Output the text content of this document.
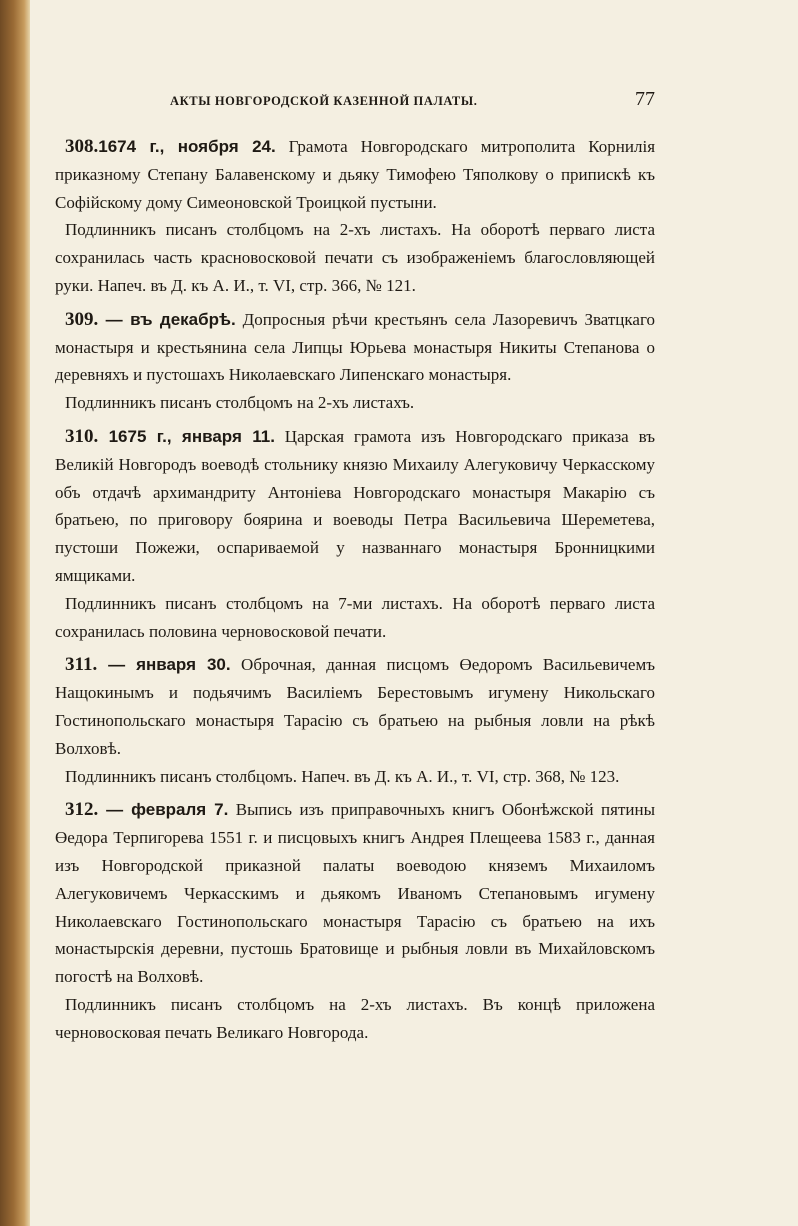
АКТЫ НОВГОРОДСКОЙ КАЗЕННОЙ ПАЛАТЫ.	77

308.1674 г., ноября 24. Грамота Новгородскаго митрополита Корнилія приказному Степану Балавенскому и дьяку Тимофею Тяполкову о припискѣ къ Софійскому дому Симеоновской Троицкой пустыни.

Подлинникъ писанъ столбцомъ на 2-хъ листахъ. На оборотѣ перваго листа сохранилась часть красновосковой печати съ изображеніемъ благословляющей руки. Напеч. въ Д. къ А. И., т. VI, стр. 366, № 121.

309. — въ декабрѣ. Допросныя рѣчи крестьянъ села Лазоревичъ Зватцкаго монастыря и крестьянина села Липцы Юрьева монастыря Никиты Степанова о деревняхъ и пустошахъ Николаевскаго Липенскаго монастыря.

Подлинникъ писанъ столбцомъ на 2-хъ листахъ.

310. 1675 г., января 11. Царская грамота изъ Новгородскаго приказа въ Великій Новгородъ воеводѣ стольнику князю Михаилу Алегуковичу Черкасскому объ отдачѣ архимандриту Антоніева Новгородскаго монастыря Макарію съ братьею, по приговору боярина и воеводы Петра Васильевича Шереметева, пустоши Пожежи, оспариваемой у названнаго монастыря Бронницкими ямщиками.

Подлинникъ писанъ столбцомъ на 7-ми листахъ. На оборотѣ перваго листа сохранилась половина черновосковой печати.

311. — января 30. Оброчная, данная писцомъ Өедоромъ Васильевичемъ Нащокинымъ и подьячимъ Василіемъ Берестовымъ игумену Никольскаго Гостинопольскаго монастыря Тарасію съ братьею на рыбныя ловли на рѣкѣ Волховѣ.

Подлинникъ писанъ столбцомъ. Напеч. въ Д. къ А. И., т. VI, стр. 368, № 123.

312. — февраля 7. Выпись изъ приправочныхъ книгъ Обонѣжской пятины Өедора Терпигорева 1551 г. и писцовыхъ книгъ Андрея Плещеева 1583 г., данная изъ Новгородской приказной палаты воеводою княземъ Михаиломъ Алегуковичемъ Черкасскимъ и дьякомъ Иваномъ Степановымъ игумену Николаевскаго Гостинопольскаго монастыря Тарасію съ братьею на ихъ монастырскія деревни, пустошь Братовище и рыбныя ловли въ Михайловскомъ погостѣ на Волховѣ.

Подлинникъ писанъ столбцомъ на 2-хъ листахъ. Въ концѣ приложена черновосковая печать Великаго Новгорода.
